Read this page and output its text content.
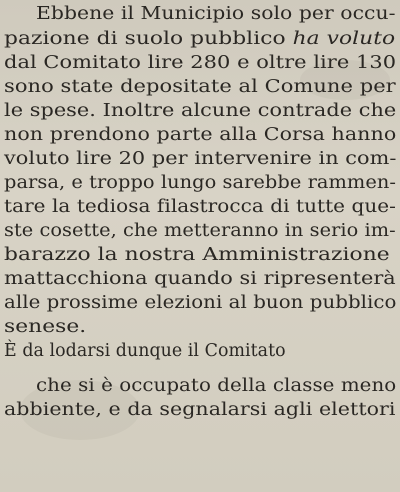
Ebbene il Municipio solo per occu-
pazione di suolo pubblico ha voluto
dal Comitato lire 280 e oltre lire 130
sono state depositate al Comune per
le spese. Inoltre alcune contrade che
non prendono parte alla Corsa hanno
voluto lire 20 per intervenire in com-
parsa, e troppo lungo sarebbe rammen-
tare la tediosa filastrocca di tutte que-
ste cosette, che metteranno in serio im-
barazzo la nostra Amministrazione
mattacchiona quando si ripresenterà
alle prossime elezioni al buon pubblico
senese.
È da lodarsi dunque il Comitato
che si è occupato della classe meno
abbiente, e da segnalarsi agli elettori
